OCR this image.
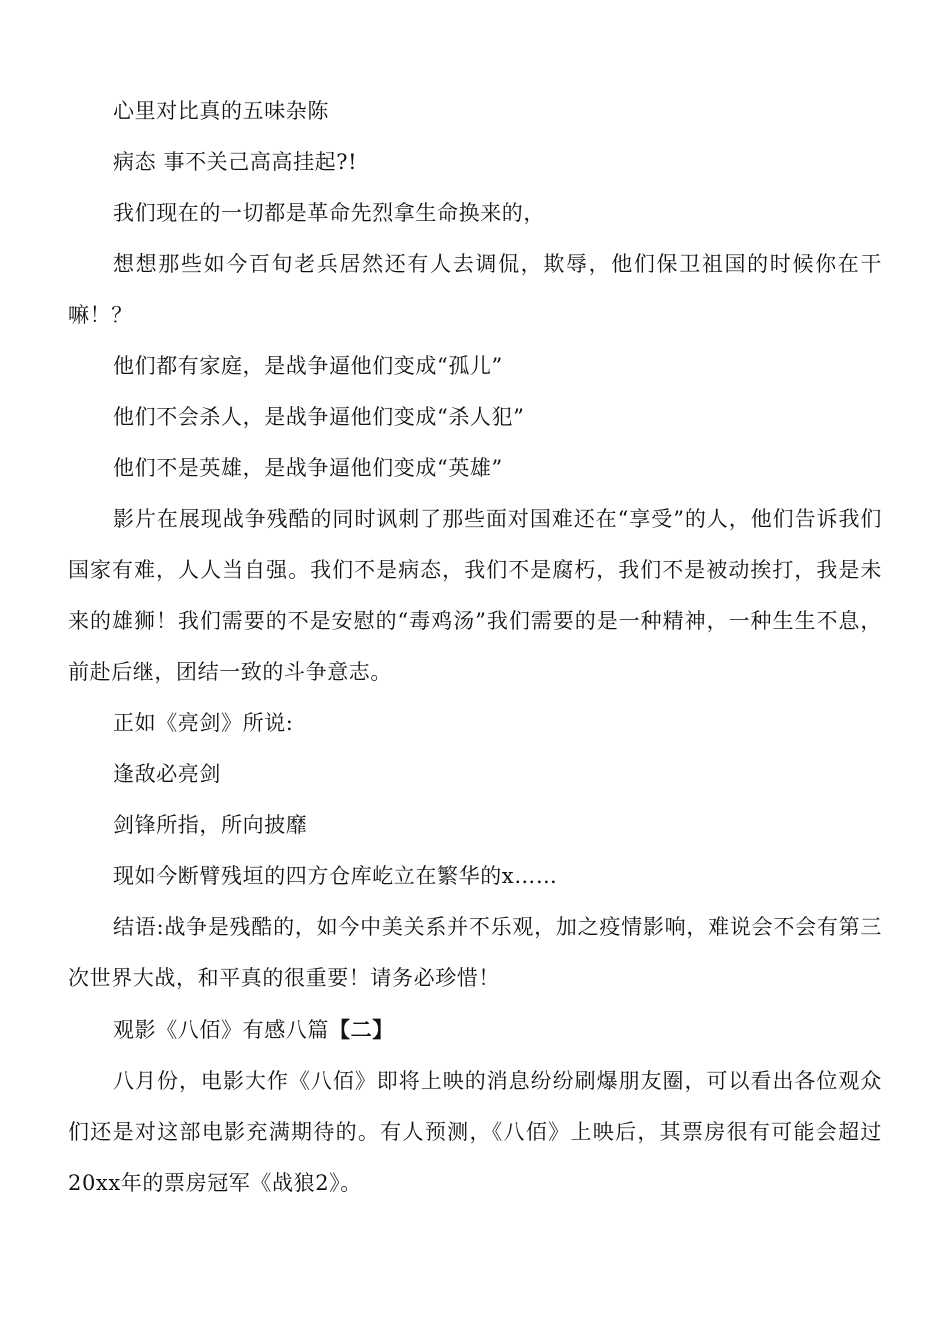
心里对比真的五味杂陈

病态 事不关己高高挂起?!

我们现在的一切都是革命先烈拿生命换来的，

想想那些如今百旬老兵居然还有人去调侃，欺辱，他们保卫祖国的时候你在干嘛！？

他们都有家庭，是战争逼他们变成“孤儿”

他们不会杀人，是战争逼他们变成“杀人犯”

他们不是英雄，是战争逼他们变成“英雄”

影片在展现战争残酷的同时讽刺了那些面对国难还在“享受”的人，他们告诉我们国家有难，人人当自强。我们不是病态，我们不是腐朽，我们不是被动挨打，我是未来的雄狮！我们需要的不是安慰的“毒鸡汤”我们需要的是一种精神，一种生生不息，前赴后继，团结一致的斗争意志。

正如《亮剑》所说:

逢敌必亮剑

剑锋所指，所向披靡

现如今断臂残垣的四方仓库屹立在繁华的x……

结语:战争是残酷的，如今中美关系并不乐观，加之疫情影响，难说会不会有第三次世界大战，和平真的很重要！请务必珍惜！

观影《八佰》有感八篇【二】

八月份，电影大作《八佰》即将上映的消息纷纷刷爆朋友圈，可以看出各位观众们还是对这部电影充满期待的。有人预测，《八佰》上映后，其票房很有可能会超过20xx年的票房冠军《战狼2》。
